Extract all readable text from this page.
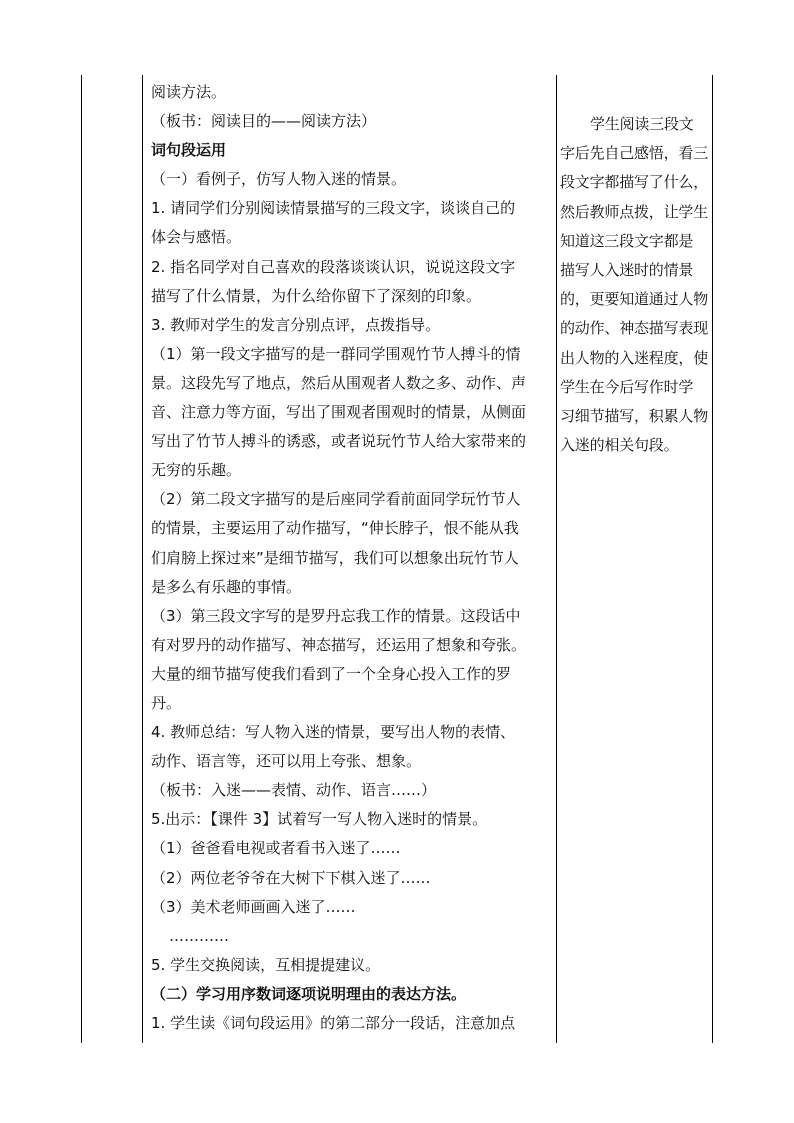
阅读方法。
（板书：阅读目的——阅读方法）
词句段运用
（一）看例子，仿写人物入迷的情景。
1. 请同学们分别阅读情景描写的三段文字，谈谈自己的
体会与感悟。
2. 指名同学对自己喜欢的段落谈谈认识，说说这段文字
描写了什么情景，为什么给你留下了深刻的印象。
3. 教师对学生的发言分别点评，点拨指导。
（1）第一段文字描写的是一群同学围观竹节人搏斗的情
景。这段先写了地点，然后从围观者人数之多、动作、声
音、注意力等方面，写出了围观者围观时的情景，从侧面
写出了竹节人搏斗的诱惑，或者说玩竹节人给大家带来的
无穷的乐趣。
（2）第二段文字描写的是后座同学看前面同学玩竹节人
的情景，主要运用了动作描写，“伸长脖子，恨不能从我
们肩膀上探过来”是细节描写，我们可以想象出玩竹节人
是多么有乐趣的事情。
（3）第三段文字写的是罗丹忘我工作的情景。这段话中
有对罗丹的动作描写、神态描写，还运用了想象和夸张。
大量的细节描写使我们看到了一个全身心投入工作的罗
丹。
4. 教师总结：写人物入迷的情景，要写出人物的表情、
动作、语言等，还可以用上夸张、想象。
（板书：入迷——表情、动作、语言……）
5.出示：【课件 3】试着写一写人物入迷时的情景。
（1）爸爸看电视或者看书入迷了……
（2）两位老爷爷在大树下下棋入迷了……
（3）美术老师画画入迷了……
…………
5. 学生交换阅读，互相提提建议。
（二）学习用序数词逐项说明理由的表达方法。
1. 学生读《词句段运用》的第二部分一段话，注意加点
学生阅读三段文
字后先自己感悟，看三
段文字都描写了什么，
然后教师点拨，让学生
知道这三段文字都是
描写人入迷时的情景
的，更要知道通过人物
的动作、神态描写表现
出人物的入迷程度，使
学生在今后写作时学
习细节描写，积累人物
入迷的相关句段。
